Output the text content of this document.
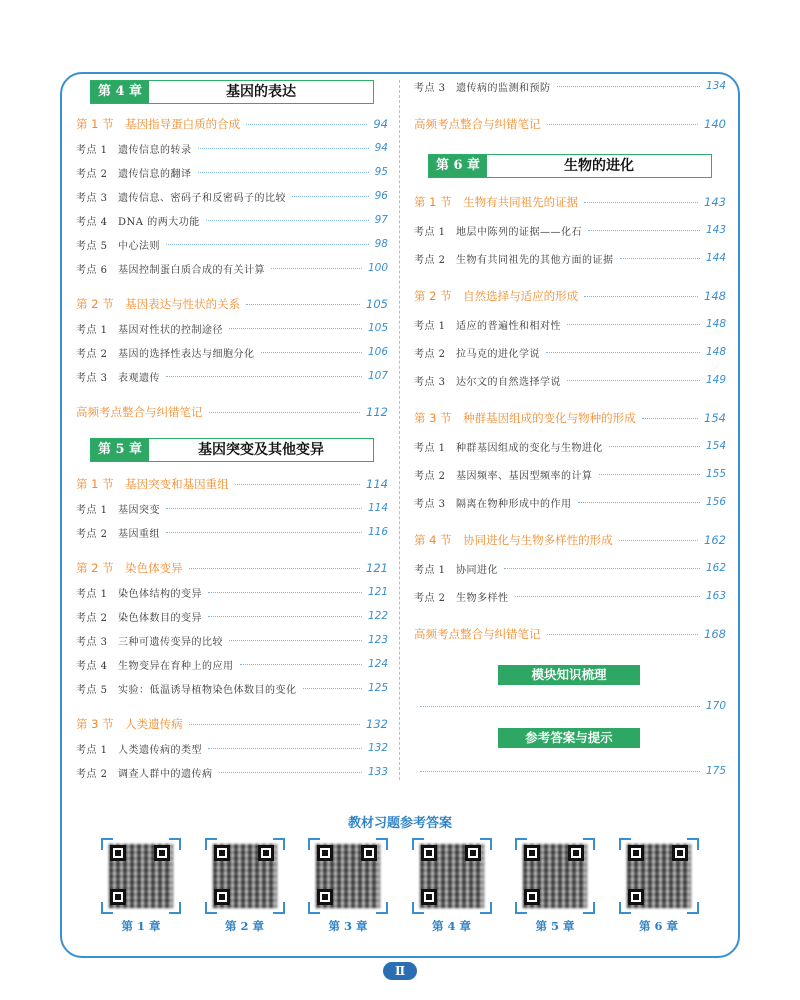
第 4 章	基因的表达
第 1 节　基因指导蛋白质的合成	94
考点 1　遗传信息的转录	94
考点 2　遗传信息的翻译	95
考点 3　遗传信息、密码子和反密码子的比较	96
考点 4　DNA 的两大功能	97
考点 5　中心法则	98
考点 6　基因控制蛋白质合成的有关计算	100
第 2 节　基因表达与性状的关系	105
考点 1　基因对性状的控制途径	105
考点 2　基因的选择性表达与细胞分化	106
考点 3　表观遗传	107
高频考点整合与纠错笔记	112
第 5 章	基因突变及其他变异
第 1 节　基因突变和基因重组	114
考点 1　基因突变	114
考点 2　基因重组	116
第 2 节　染色体变异	121
考点 1　染色体结构的变异	121
考点 2　染色体数目的变异	122
考点 3　三种可遗传变异的比较	123
考点 4　生物变异在育种上的应用	124
考点 5　实验：低温诱导植物染色体数目的变化	125
第 3 节　人类遗传病	132
考点 1　人类遗传病的类型	132
考点 2　调查人群中的遗传病	133
考点 3　遗传病的监测和预防	134
高频考点整合与纠错笔记	140
第 6 章	生物的进化
第 1 节　生物有共同祖先的证据	143
考点 1　地层中陈列的证据——化石	143
考点 2　生物有共同祖先的其他方面的证据	144
第 2 节　自然选择与适应的形成	148
考点 1　适应的普遍性和相对性	148
考点 2　拉马克的进化学说	148
考点 3　达尔文的自然选择学说	149
第 3 节　种群基因组成的变化与物种的形成	154
考点 1　种群基因组成的变化与生物进化	154
考点 2　基因频率、基因型频率的计算	155
考点 3　隔离在物种形成中的作用	156
第 4 节　协同进化与生物多样性的形成	162
考点 1　协同进化	162
考点 2　生物多样性	163
高频考点整合与纠错笔记	168
模块知识梳理
170
参考答案与提示
175
教材习题参考答案
第 1 章	第 2 章	第 3 章	第 4 章	第 5 章	第 6 章
Ⅱ
